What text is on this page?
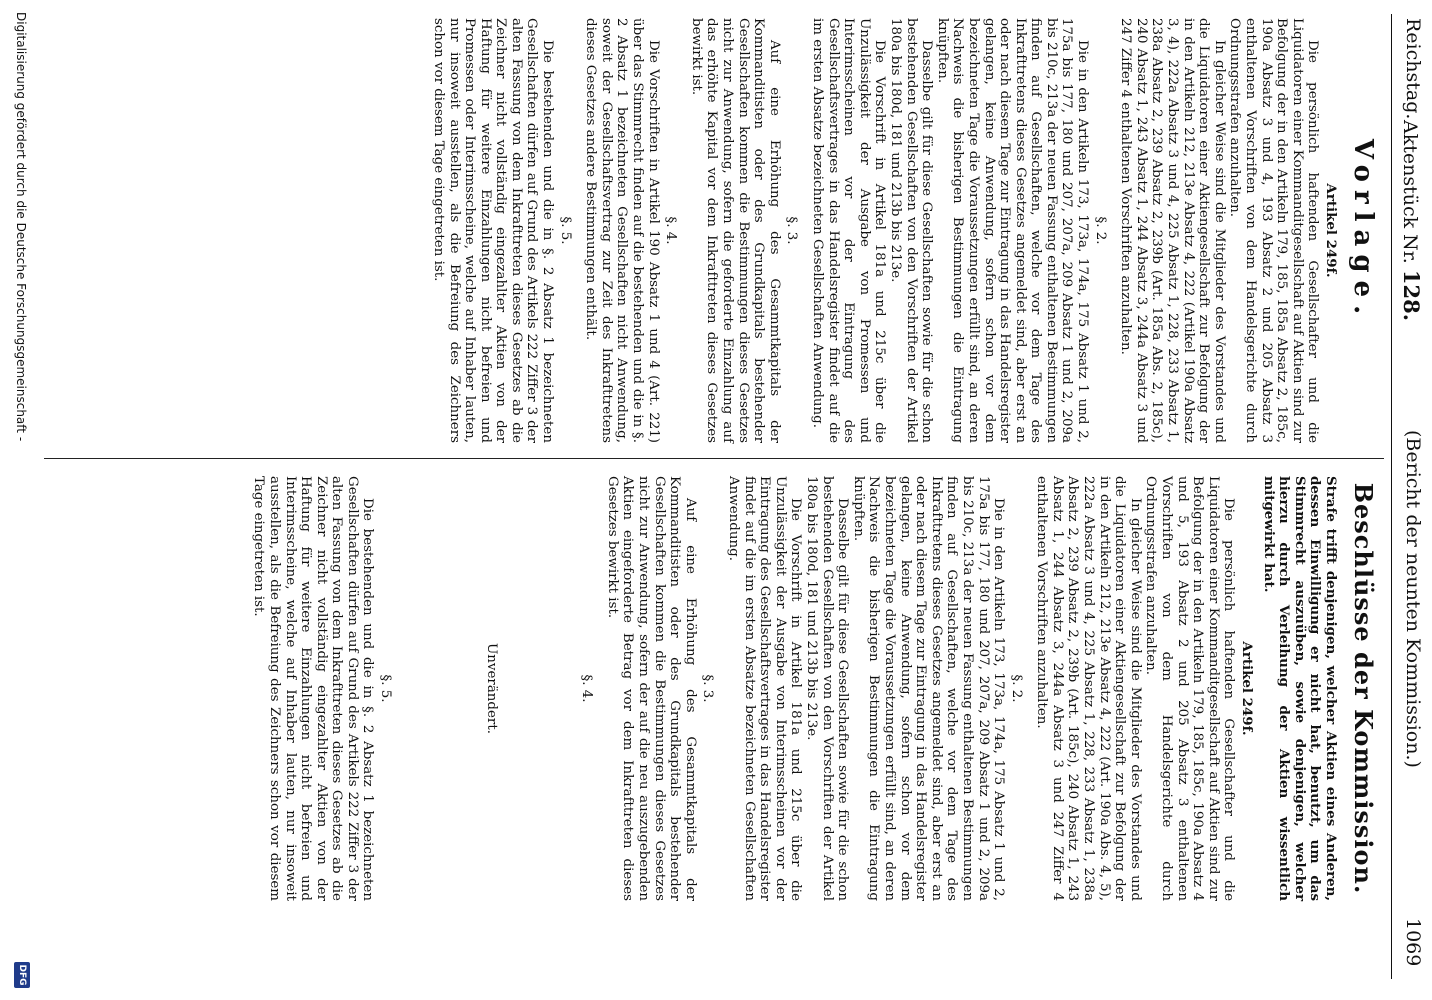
Reichstag.
Aktenstück Nr. 128.
(Bericht der neunten Kommission.)
1069
Vorlage.
Artikel 249f.

Die persönlich haftenden Gesellschafter und die Liquidatoren einer Kommanditgesellschaft auf Aktien sind zur Befolgung der in den Artikeln 179, 185, 185a Absatz 2, 185c, 190a Absatz 3 und 4, 193 Absatz 2 und 205 Absatz 3 enthaltenen Vorschriften von dem Handelsgerichte durch Ordnungsstrafen anzuhalten.

In gleicher Weise sind die Mitglieder des Vorstandes und die Liquidatoren einer Aktiengesellschaft zur Befolgung der in den Artikeln 212, 213e Absatz 4, 222 (Artikel 190a Absatz 3, 4), 222a Absatz 3 und 4, 225 Absatz 1, 228, 233 Absatz 1, 238a Absatz 2, 239 Absatz 2, 239b (Art. 185a Abs. 2, 185c), 240 Absatz 1, 243 Absatz 1, 244 Absatz 3, 244a Absatz 3 und 247 Ziffer 4 enthaltenen Vorschriften anzuhalten.

§. 2.

Die in den Artikeln 173, 173a, 174a, 175 Absatz 1 und 2, 175a bis 177, 180 und 207, 207a, 209 Absatz 1 und 2, 209a bis 210c, 213a der neuen Fassung enthaltenen Bestimmungen finden auf Gesellschaften, welche vor dem Tage des Inkrafttretens dieses Gesetzes angemeldet sind, aber erst an oder nach diesem Tage zur Eintragung in das Handelsregister gelangen, keine Anwendung, sofern schon vor dem bezeichneten Tage die Voraussetzungen erfüllt sind, an deren Nachweis die bisherigen Bestimmungen die Eintragung knüpften.

Dasselbe gilt für diese Gesellschaften sowie für die schon bestehenden Gesellschaften von den Vorschriften der Artikel 180a bis 180d, 181 und 213b bis 213e.

Die Vorschrift in Artikel 181a und 215c über die Unzulässigkeit der Ausgabe von Promessen und Interimsscheinen vor der Eintragung des Gesellschaftsvertrages in das Handelsregister findet auf die im ersten Absatze bezeichneten Gesellschaften Anwendung.

§. 3.

Auf eine Erhöhung des Gesammtkapitals der Kommanditisten oder des Grundkapitals bestehender Gesellschaften kommen die Bestimmungen dieses Gesetzes nicht zur Anwendung, sofern die geforderte Einzahlung auf das erhöhte Kapital vor dem Inkrafttreten dieses Gesetzes bewirkt ist.

§. 4.

Die Vorschriften in Artikel 190 Absatz 1 und 4 (Art. 221) über das Stimmrecht finden auf die bestehenden und die in §. 2 Absatz 1 bezeichneten Gesellschaften nicht Anwendung, soweit der Gesellschaftsvertrag zur Zeit des Inkrafttretens dieses Gesetzes andere Bestimmungen enthält.

§. 5.

Die bestehenden und die in §. 2 Absatz 1 bezeichneten Gesellschaften dürfen auf Grund des Artikels 222 Ziffer 3 der alten Fassung von dem Inkrafttreten dieses Gesetzes ab die Zeichner nicht vollständig eingezahlter Aktien von der Haftung für weitere Einzahlungen nicht befreien und Promessen oder Interimsscheine, welche auf Inhaber lauten, nur insoweit ausstellen, als die Befreiung des Zeichners schon vor diesem Tage eingetreten ist.

Beschlüsse der Kommission.

Strafe trifft denjenigen, welcher Aktien eines Anderen, dessen Einwilligung er nicht hat, benutzt, um das Stimmrecht auszuüben, sowie denjenigen, welcher hierzu durch Verleihung der Aktien wissentlich mitgewirkt hat.

Artikel 249f.

Die persönlich haftenden Gesellschafter und die Liquidatoren einer Kommanditgesellschaft auf Aktien sind zur Befolgung der in den Artikeln 179, 185, 185c, 190a Absatz 4 und 5, 193 Absatz 2 und 205 Absatz 3 enthaltenen Vorschriften von dem Handelsgerichte durch Ordnungsstrafen anzuhalten.

In gleicher Weise sind die Mitglieder des Vorstandes und die Liquidatoren einer Aktiengesellschaft zur Befolgung der in den Artikeln 212, 213e Absatz 4, 222 (Art. 190a Abs. 4, 5), 222a Absatz 3 und 4, 225 Absatz 1, 228, 233 Absatz 1, 238a Absatz 2, 239 Absatz 2, 239b (Art. 185c), 240 Absatz 1, 243 Absatz 1, 244 Absatz 3, 244a Absatz 3 und 247 Ziffer 4 enthaltenen Vorschriften anzuhalten.

§. 2.

Die in den Artikeln 173, 173a, 174a, 175 Absatz 1 und 2, 175a bis 177, 180 und 207, 207a, 209 Absatz 1 und 2, 209a bis 210c, 213a der neuen Fassung enthaltenen Bestimmungen finden auf Gesellschaften, welche vor dem Tage des Inkrafttretens dieses Gesetzes angemeldet sind, aber erst an oder nach diesem Tage zur Eintragung in das Handelsregister gelangen, keine Anwendung, sofern schon vor dem bezeichneten Tage die Voraussetzungen erfüllt sind, an deren Nachweis die bisherigen Bestimmungen die Eintragung knüpften.

Dasselbe gilt für diese Gesellschaften sowie für die schon bestehenden Gesellschaften von den Vorschriften der Artikel 180a bis 180d, 181 und 213b bis 213e.

Die Vorschrift in Artikel 181a und 215c über die Unzulässigkeit der Ausgabe von Interimsscheinen vor der Eintragung des Gesellschaftsvertrages in das Handelsregister findet auf die im ersten Absatze bezeichneten Gesellschaften Anwendung.

§. 3.

Auf eine Erhöhung des Gesammtkapitals der Kommanditisten oder des Grundkapitals bestehender Gesellschaften kommen die Bestimmungen dieses Gesetzes nicht zur Anwendung, sofern der auf die neu auszugebenden Aktien eingeforderte Betrag vor dem Inkrafttreten dieses Gesetzes bewirkt ist.

§. 4.
Unverändert.
§. 5.

Die bestehenden und die in §. 2 Absatz 1 bezeichneten Gesellschaften dürfen auf Grund des Artikels 222 Ziffer 3 der alten Fassung von dem Inkrafttreten dieses Gesetzes ab die Zeichner nicht vollständig eingezahlter Aktien von der Haftung für weitere Einzahlungen nicht befreien und Interimsscheine, welche auf Inhaber lauten, nur insoweit ausstellen, als die Befreiung des Zeichners schon vor diesem Tage eingetreten ist.

Digitalisierung gefördert durch die Deutsche Forschungsgemeinschaft -
DFG
